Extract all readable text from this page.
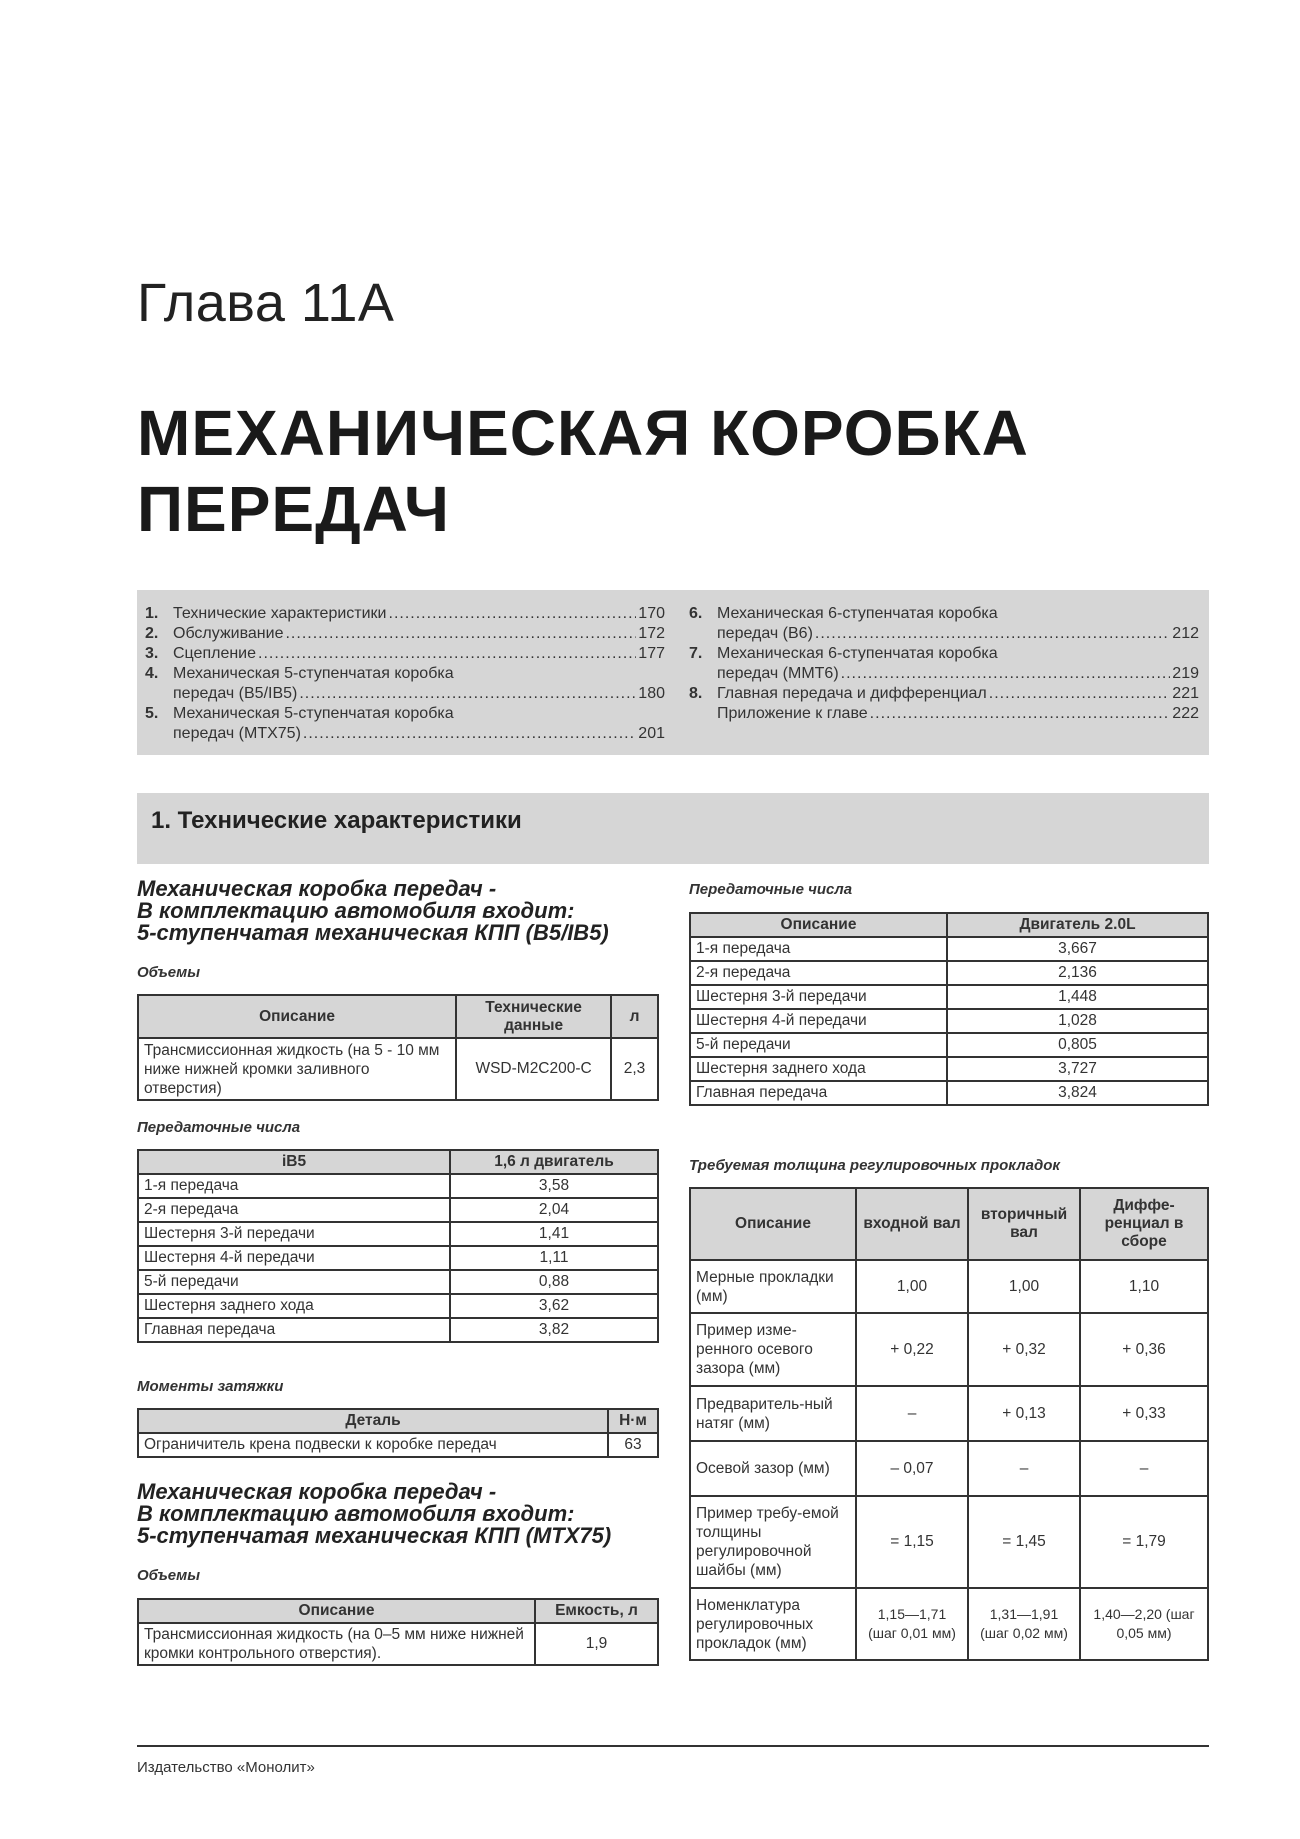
Глава 11А
МЕХАНИЧЕСКАЯ КОРОБКА
ПЕРЕДАЧ
1. Технические характеристики .....	170
2. Обслуживание .....	172
3. Сцепление .....	177
4. Механическая 5-ступенчатая коробка
передач (B5/IB5) .....	180
5. Механическая 5-ступенчатая коробка
передач (MTX75) .....	201
6. Механическая 6-ступенчатая коробка
передач (B6) .....	212
7. Механическая 6-ступенчатая коробка
передач (MMT6) .....	219
8. Главная передача и дифференциал .....	221
Приложение к главе .....	222
1. Технические характеристики
Механическая коробка передач -
В комплектацию автомобиля входит:
5-ступенчатая механическая КПП (B5/IB5)
Объемы
Описание	Технические данные	л
Трансмиссионная жидкость (на 5 - 10 мм ниже нижней кромки заливного отверстия)	WSD-M2C200-C	2,3
Передаточные числа
iB5	1,6 л двигатель
1-я передача	3,58
2-я передача	2,04
Шестерня 3-й передачи	1,41
Шестерня 4-й передачи	1,11
5-й передачи	0,88
Шестерня заднего хода	3,62
Главная передача	3,82
Моменты затяжки
Деталь	Н·м
Ограничитель крена подвески к коробке передач	63
Механическая коробка передач -
В комплектацию автомобиля входит:
5-ступенчатая механическая КПП (MTX75)
Объемы
Описание	Емкость, л
Трансмиссионная жидкость (на 0–5 мм ниже нижней кромки контрольного отверстия).	1,9
Передаточные числа
Описание	Двигатель 2.0L
1-я передача	3,667
2-я передача	2,136
Шестерня 3-й передачи	1,448
Шестерня 4-й передачи	1,028
5-й передачи	0,805
Шестерня заднего хода	3,727
Главная передача	3,824
Требуемая толщина регулировочных прокладок
Описание	входной вал	вторичный вал	Диффе-ренциал в сборе
Мерные прокладки (мм)	1,00	1,00	1,10
Пример изме-ренного осевого зазора (мм)	+ 0,22	+ 0,32	+ 0,36
Предваритель-ный натяг (мм)	–	+ 0,13	+ 0,33
Осевой зазор (мм)	– 0,07	–	–
Пример требу-емой толщины регулировочной шайбы (мм)	= 1,15	= 1,45	= 1,79
Номенклатура регулировочных прокладок (мм)	1,15—1,71 (шаг 0,01 мм)	1,31—1,91 (шаг 0,02 мм)	1,40—2,20 (шаг 0,05 мм)
Издательство «Монолит»
